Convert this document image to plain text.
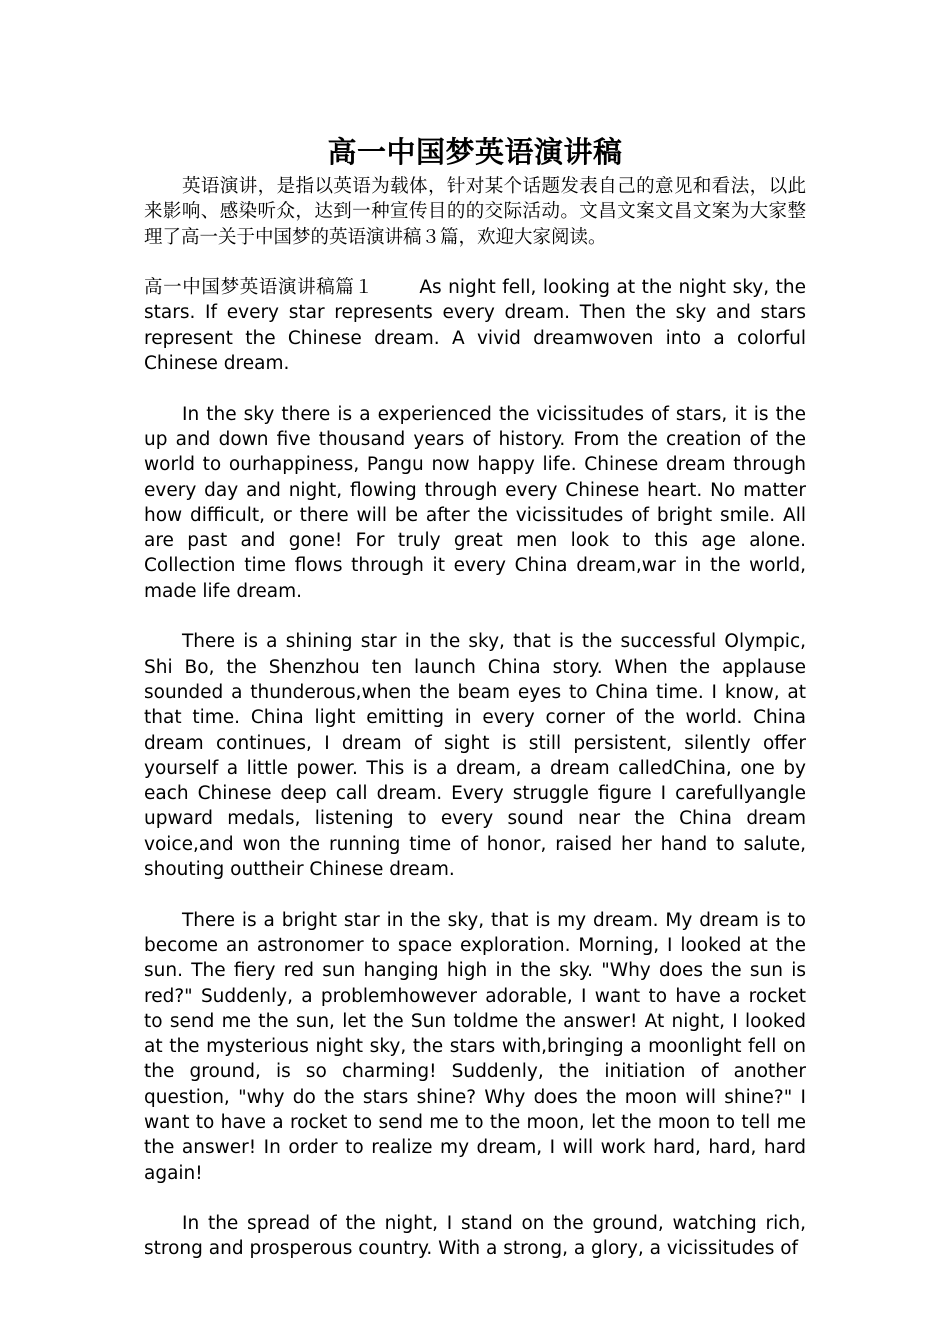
高一中国梦英语演讲稿

英语演讲，是指以英语为载体，针对某个话题发表自己的意见和看法，以此来影响、感染听众，达到一种宣传目的的交际活动。文昌文案文昌文案为大家整理了高一关于中国梦的英语演讲稿３篇，欢迎大家阅读。

高一中国梦英语演讲稿篇１ As night fell, looking at the night sky, the stars. If every star represents every dream. Then the sky and stars represent the Chinese dream. A vivid dreamwoven into a colorful Chinese dream.

In the sky there is a experienced the vicissitudes of stars, it is the up and down five thousand years of history. From the creation of the world to ourhappiness, Pangu now happy life. Chinese dream through every day and night, flowing through every Chinese heart. No matter how difficult, or there will be after the vicissitudes of bright smile. All are past and gone! For truly great men look to this age alone. Collection time flows through it every China dream,war in the world, made life dream.

There is a shining star in the sky, that is the successful Olympic, Shi Bo, the Shenzhou ten launch China story. When the applause sounded a thunderous,when the beam eyes to China time. I know, at that time. China light emitting in every corner of the world. China dream continues, I dream of sight is still persistent, silently offer yourself a little power. This is a dream, a dream calledChina, one by each Chinese deep call dream. Every struggle figure I carefullyangle upward medals, listening to every sound near the China dream voice,and won the running time of honor, raised her hand to salute, shouting outtheir Chinese dream.

There is a bright star in the sky, that is my dream. My dream is to become an astronomer to space exploration. Morning, I looked at the sun. The fiery red sun hanging high in the sky. "Why does the sun is red?" Suddenly, a problemhowever adorable, I want to have a rocket to send me the sun, let the Sun toldme the answer! At night, I looked at the mysterious night sky, the stars with,bringing a moonlight fell on the ground, is so charming! Suddenly, the initiation of another question, "why do the stars shine? Why does the moon will shine?" I want to have a rocket to send me to the moon, let the moon to tell me the answer! In order to realize my dream, I will work hard, hard, hard again!

In the spread of the night, I stand on the ground, watching rich, strong and prosperous country. With a strong, a glory, a vicissitudes of
